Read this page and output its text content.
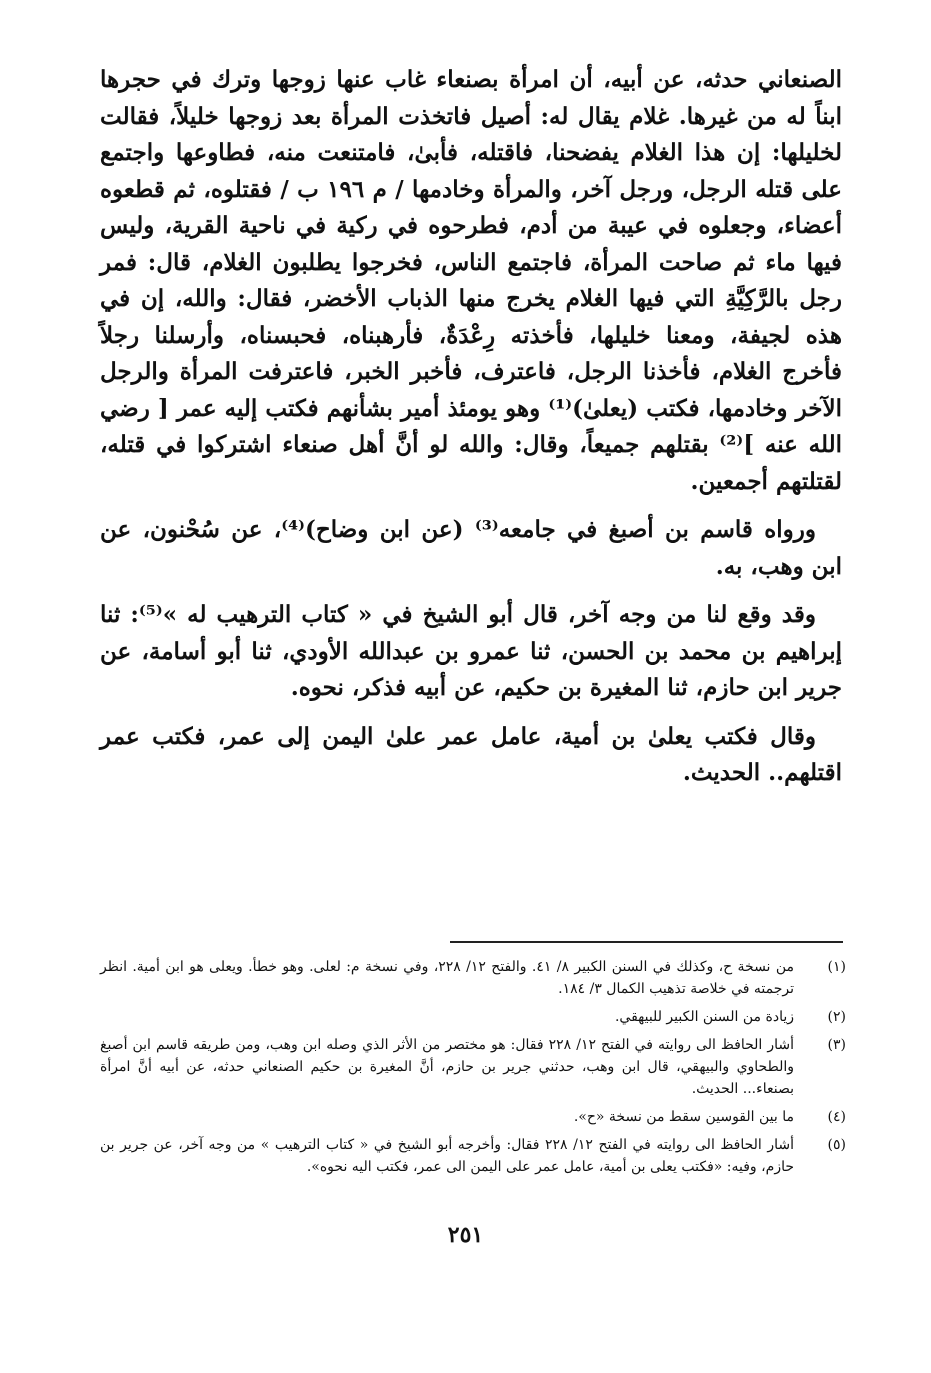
الصنعاني حدثه، عن أبيه، أن امرأة بصنعاء غاب عنها زوجها وترك في حجرها ابناً له من غيرها. غلام يقال له: أصيل فاتخذت المرأة بعد زوجها خليلاً، فقالت لخليلها: إن هذا الغلام يفضحنا، فاقتله، فأبىٰ، فامتنعت منه، فطاوعها واجتمع على قتله الرجل، ورجل آخر، والمرأة وخادمها / م ١٩٦ ب / فقتلوه، ثم قطعوه أعضاء، وجعلوه في عيبة من أدم، فطرحوه في ركية في ناحية القرية، وليس فيها ماء ثم صاحت المرأة، فاجتمع الناس، فخرجوا يطلبون الغلام، قال: فمر رجل بالرَّكِيَّةِ التي فيها الغلام يخرج منها الذباب الأخضر، فقال: والله، إن في هذه لجيفة، ومعنا خليلها، فأخذته رِعْدَةٌ، فأرهبناه، فحبسناه، وأرسلنا رجلاً فأخرج الغلام، فأخذنا الرجل، فاعترف، فأخبر الخبر، فاعترفت المرأة والرجل الآخر وخادمها، فكتب (يعلىٰ)⁽¹⁾ وهو يومئذ أمير بشأنهم فكتب إليه عمر [ رضي الله عنه ]⁽²⁾ بقتلهم جميعاً، وقال: والله لو أنَّ أهل صنعاء اشتركوا في قتله، لقتلتهم أجمعين.

ورواه قاسم بن أصبغ في جامعه⁽³⁾ (عن ابن وضاح)⁽⁴⁾، عن سُحْنون، عن ابن وهب، به.

وقد وقع لنا من وجه آخر، قال أبو الشيخ في « كتاب الترهيب له »⁽⁵⁾: ثنا إبراهيم بن محمد بن الحسن، ثنا عمرو بن عبدالله الأودي، ثنا أبو أسامة، عن جرير ابن حازم، ثنا المغيرة بن حكيم، عن أبيه فذكر، نحوه.

وقال فكتب يعلىٰ بن أمية، عامل عمر علىٰ اليمن إلى عمر، فكتب عمر اقتلهم.. الحديث.

(١)
من نسخة ح، وكذلك في السنن الكبير ٨/ ٤١. والفتح ١٢/ ٢٢٨، وفي نسخة م: لعلى. وهو خطأ. ويعلى هو ابن أمية. انظر ترجمته في خلاصة تذهيب الكمال ٣/ ١٨٤.
(٢)
زيادة من السنن الكبير للبيهقي.
(٣)
أشار الحافظ الى روايته في الفتح ١٢/ ٢٢٨ فقال: هو مختصر من الأثر الذي وصله ابن وهب، ومن طريقه قاسم ابن أصبغ والطحاوي والبيهقي، قال ابن وهب، حدثني جرير بن حازم، أنَّ المغيرة بن حكيم الصنعاني حدثه، عن أبيه أنَّ امرأة بصنعاء... الحديث.
(٤)
ما بين القوسين سقط من نسخة «ح».
(٥)
أشار الحافظ الى روايته في الفتح ١٢/ ٢٢٨ فقال: وأخرجه أبو الشيخ في « كتاب الترهيب » من وجه آخر، عن جرير بن حازم، وفيه: «فكتب يعلى بن أمية، عامل عمر على اليمن الى عمر، فكتب اليه نحوه».
٢٥١
